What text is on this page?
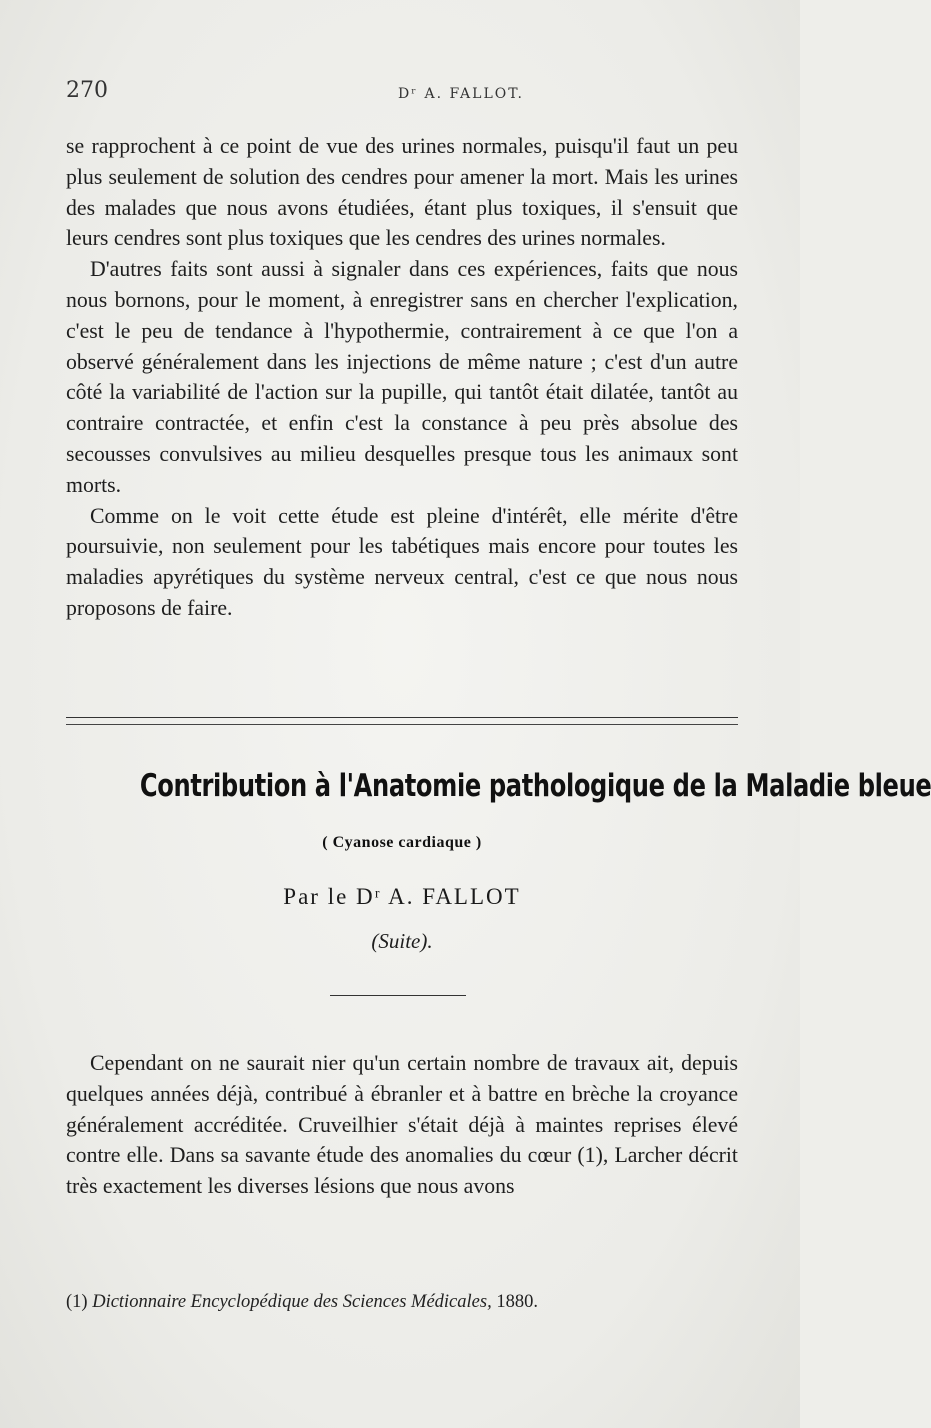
270	Dʳ A. FALLOT.

se rapprochent à ce point de vue des urines normales, puisqu'il faut un peu plus seulement de solution des cendres pour amener la mort. Mais les urines des malades que nous avons étudiées, étant plus toxiques, il s'ensuit que leurs cendres sont plus toxiques que les cendres des urines normales.

D'autres faits sont aussi à signaler dans ces expériences, faits que nous nous bornons, pour le moment, à enregistrer sans en chercher l'explication, c'est le peu de tendance à l'hypothermie, contrairement à ce que l'on a observé généralement dans les injections de même nature ; c'est d'un autre côté la variabilité de l'action sur la pupille, qui tantôt était dilatée, tantôt au contraire contractée, et enfin c'est la constance à peu près absolue des secousses convulsives au milieu desquelles presque tous les animaux sont morts.

Comme on le voit cette étude est pleine d'intérêt, elle mérite d'être poursuivie, non seulement pour les tabétiques mais encore pour toutes les maladies apyrétiques du système nerveux central, c'est ce que nous nous proposons de faire.

Contribution à l'Anatomie pathologique de la Maladie bleue
( Cyanose cardiaque )
Par le Dʳ A. FALLOT
(Suite).

Cependant on ne saurait nier qu'un certain nombre de travaux ait, depuis quelques années déjà, contribué à ébranler et à battre en brèche la croyance généralement accréditée. Cruveilhier s'était déjà à maintes reprises élevé contre elle. Dans sa savante étude des anomalies du cœur (1), Larcher décrit très exactement les diverses lésions que nous avons

(1) Dictionnaire Encyclopédique des Sciences Médicales, 1880.
